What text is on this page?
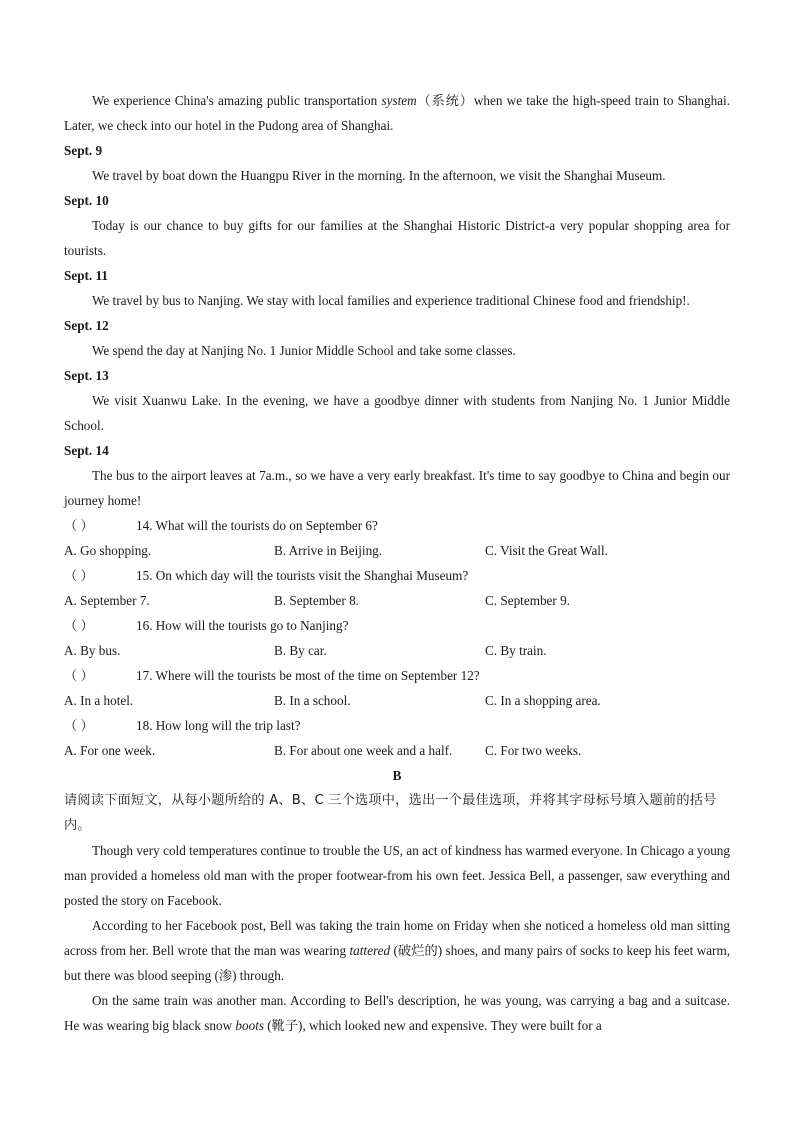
We experience China's amazing public transportation system（系统）when we take the high-speed train to Shanghai. Later, we check into our hotel in the Pudong area of Shanghai.

Sept. 9

We travel by boat down the Huangpu River in the morning. In the afternoon, we visit the Shanghai Museum.

Sept. 10

Today is our chance to buy gifts for our families at the Shanghai Historic District-a very popular shopping area for tourists.

Sept. 11

We travel by bus to Nanjing. We stay with local families and experience traditional Chinese food and friendship!.

Sept. 12

We spend the day at Nanjing No. 1 Junior Middle School and take some classes.

Sept. 13

We visit Xuanwu Lake. In the evening, we have a goodbye dinner with students from Nanjing No. 1 Junior Middle School.

Sept. 14

The bus to the airport leaves at 7a.m., so we have a very early breakfast. It's time to say goodbye to China and begin our journey home!

（ ）	14. What will the tourists do on September 6?

A. Go shopping.	B. Arrive in Beijing.	C. Visit the Great Wall.

（ ）	15. On which day will the tourists visit the Shanghai Museum?

A. September 7.	B. September 8.	C. September 9.

（ ）	16. How will the tourists go to Nanjing?

A. By bus.	B. By car.	C. By train.

（ ）	17. Where will the tourists be most of the time on September 12?

A. In a hotel.	B. In a school.	C. In a shopping area.

（ ）	18. How long will the trip last?

A. For one week.	B. For about one week and a half.	C. For two weeks.

B

请阅读下面短文，从每小题所给的 A、B、C 三个选项中，选出一个最佳选项，并将其字母标号填入题前的括号内。

Though very cold temperatures continue to trouble the US, an act of kindness has warmed everyone. In Chicago a young man provided a homeless old man with the proper footwear-from his own feet. Jessica Bell, a passenger, saw everything and posted the story on Facebook.

According to her Facebook post, Bell was taking the train home on Friday when she noticed a homeless old man sitting across from her. Bell wrote that the man was wearing tattered (破烂的) shoes, and many pairs of socks to keep his feet warm, but there was blood seeping (渗) through.

On the same train was another man. According to Bell's description, he was young, was carrying a bag and a suitcase. He was wearing big black snow boots (靴子), which looked new and expensive. They were built for a
